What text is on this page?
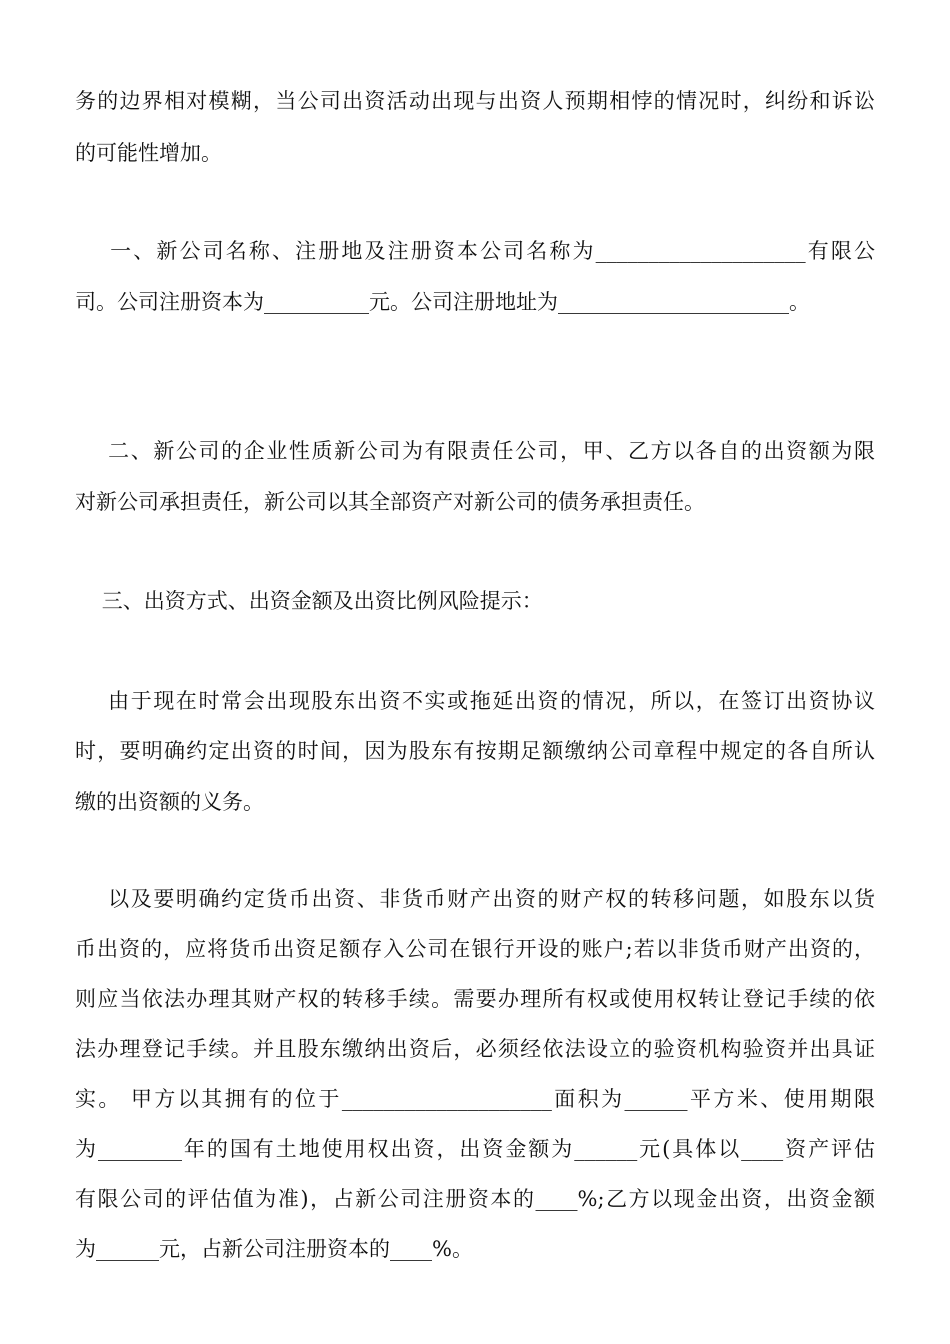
务的边界相对模糊，当公司出资活动出现与出资人预期相悖的情况时，纠纷和诉讼
的可能性增加。
一、新公司名称、注册地及注册资本公司名称为____________________有限公
司。公司注册资本为__________元。公司注册地址为______________________。
二、新公司的企业性质新公司为有限责任公司，甲、乙方以各自的出资额为限
对新公司承担责任，新公司以其全部资产对新公司的债务承担责任。
三、出资方式、出资金额及出资比例风险提示：
由于现在时常会出现股东出资不实或拖延出资的情况，所以，在签订出资协议
时，要明确约定出资的时间，因为股东有按期足额缴纳公司章程中规定的各自所认
缴的出资额的义务。
以及要明确约定货币出资、非货币财产出资的财产权的转移问题，如股东以货
币出资的，应将货币出资足额存入公司在银行开设的账户;若以非货币财产出资的，
则应当依法办理其财产权的转移手续。需要办理所有权或使用权转让登记手续的依
法办理登记手续。并且股东缴纳出资后，必须经依法设立的验资机构验资并出具证
实。 甲方以其拥有的位于____________________面积为______平方米、使用期限
为________年的国有土地使用权出资，出资金额为______元(具体以____资产评估
有限公司的评估值为准)，占新公司注册资本的____%;乙方以现金出资，出资金额
为______元，占新公司注册资本的____%。
